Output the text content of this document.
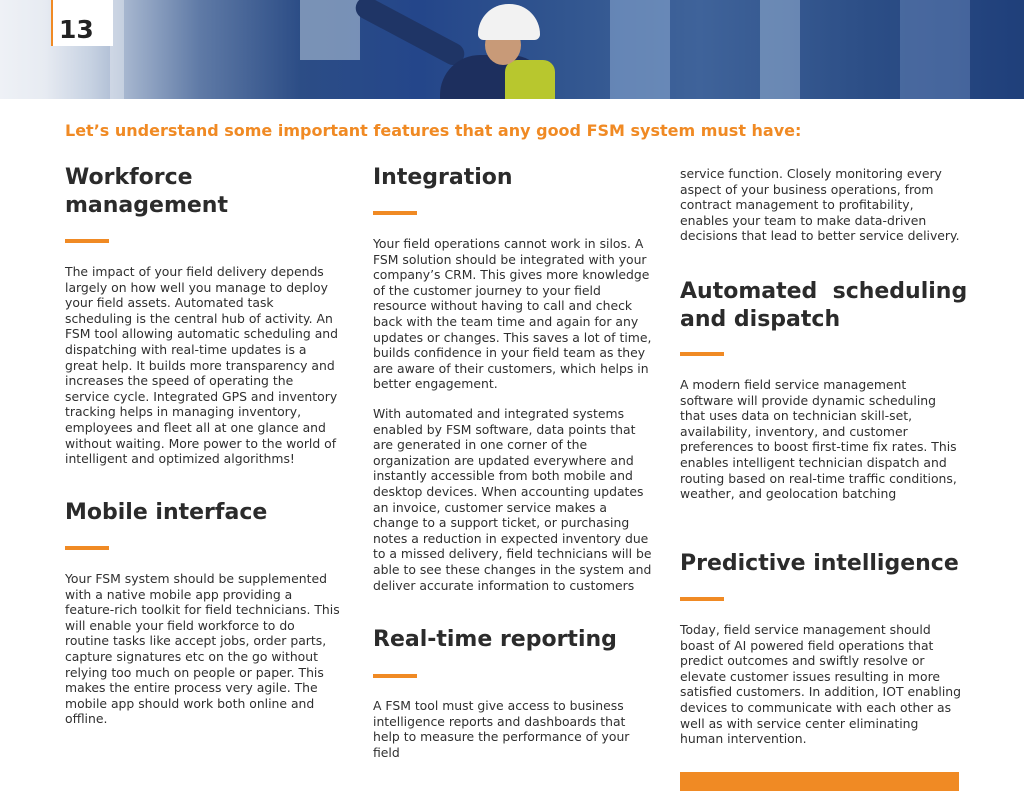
13

Let’s understand some important features that any good FSM system must have:

Workforce
management

The impact of your field delivery depends largely on how well you manage to deploy your field assets. Automated task scheduling is the central hub of activity. An FSM tool allowing automatic scheduling and dispatching with real-time updates is a great help. It builds more transparency and increases the speed of operating the service cycle. Integrated GPS and inventory tracking helps in managing inventory, employees and fleet all at one glance and without waiting. More power to the world of intelligent and optimized algorithms!

Mobile interface

Your FSM system should be supplemented with a native mobile app providing a feature-rich toolkit for field technicians. This will enable your field workforce to do routine tasks like accept jobs, order parts, capture signatures etc on the go without relying too much on people or paper. This makes the entire process very agile. The mobile app should work both online and offline.

Integration

Your field operations cannot work in silos. A FSM solution should be integrated with your company’s CRM. This gives more knowledge of the customer journey to your field resource without having to call and check back with the team time and again for any updates or changes. This saves a lot of time, builds confidence in your field team as they are aware of their customers, which helps in better engagement.

With automated and integrated systems enabled by FSM software, data points that are generated in one corner of the organization are updated everywhere and instantly accessible from both mobile and desktop devices. When accounting updates an invoice, customer service makes a change to a support ticket, or purchasing notes a reduction in expected inventory due to a missed delivery, field technicians will be able to see these changes in the system and deliver accurate information to customers

Real-time reporting

A FSM tool must give access to business intelligence reports and dashboards that help to measure the performance of your field

service function. Closely monitoring every aspect of your business operations, from contract management to profitability, enables your team to make data-driven decisions that lead to better service delivery.

Automated  scheduling
and dispatch

A modern field service management software will provide dynamic scheduling that uses data on technician skill-set, availability, inventory, and customer preferences to boost first-time fix rates. This enables intelligent technician dispatch and routing based on real-time traffic conditions, weather, and geolocation batching

Predictive intelligence

Today, field service management should boast of AI powered field operations that predict outcomes and swiftly resolve or elevate customer issues resulting in more satisfied customers. In addition, IOT enabling devices to communicate with each other as well as with service center eliminating human intervention.
